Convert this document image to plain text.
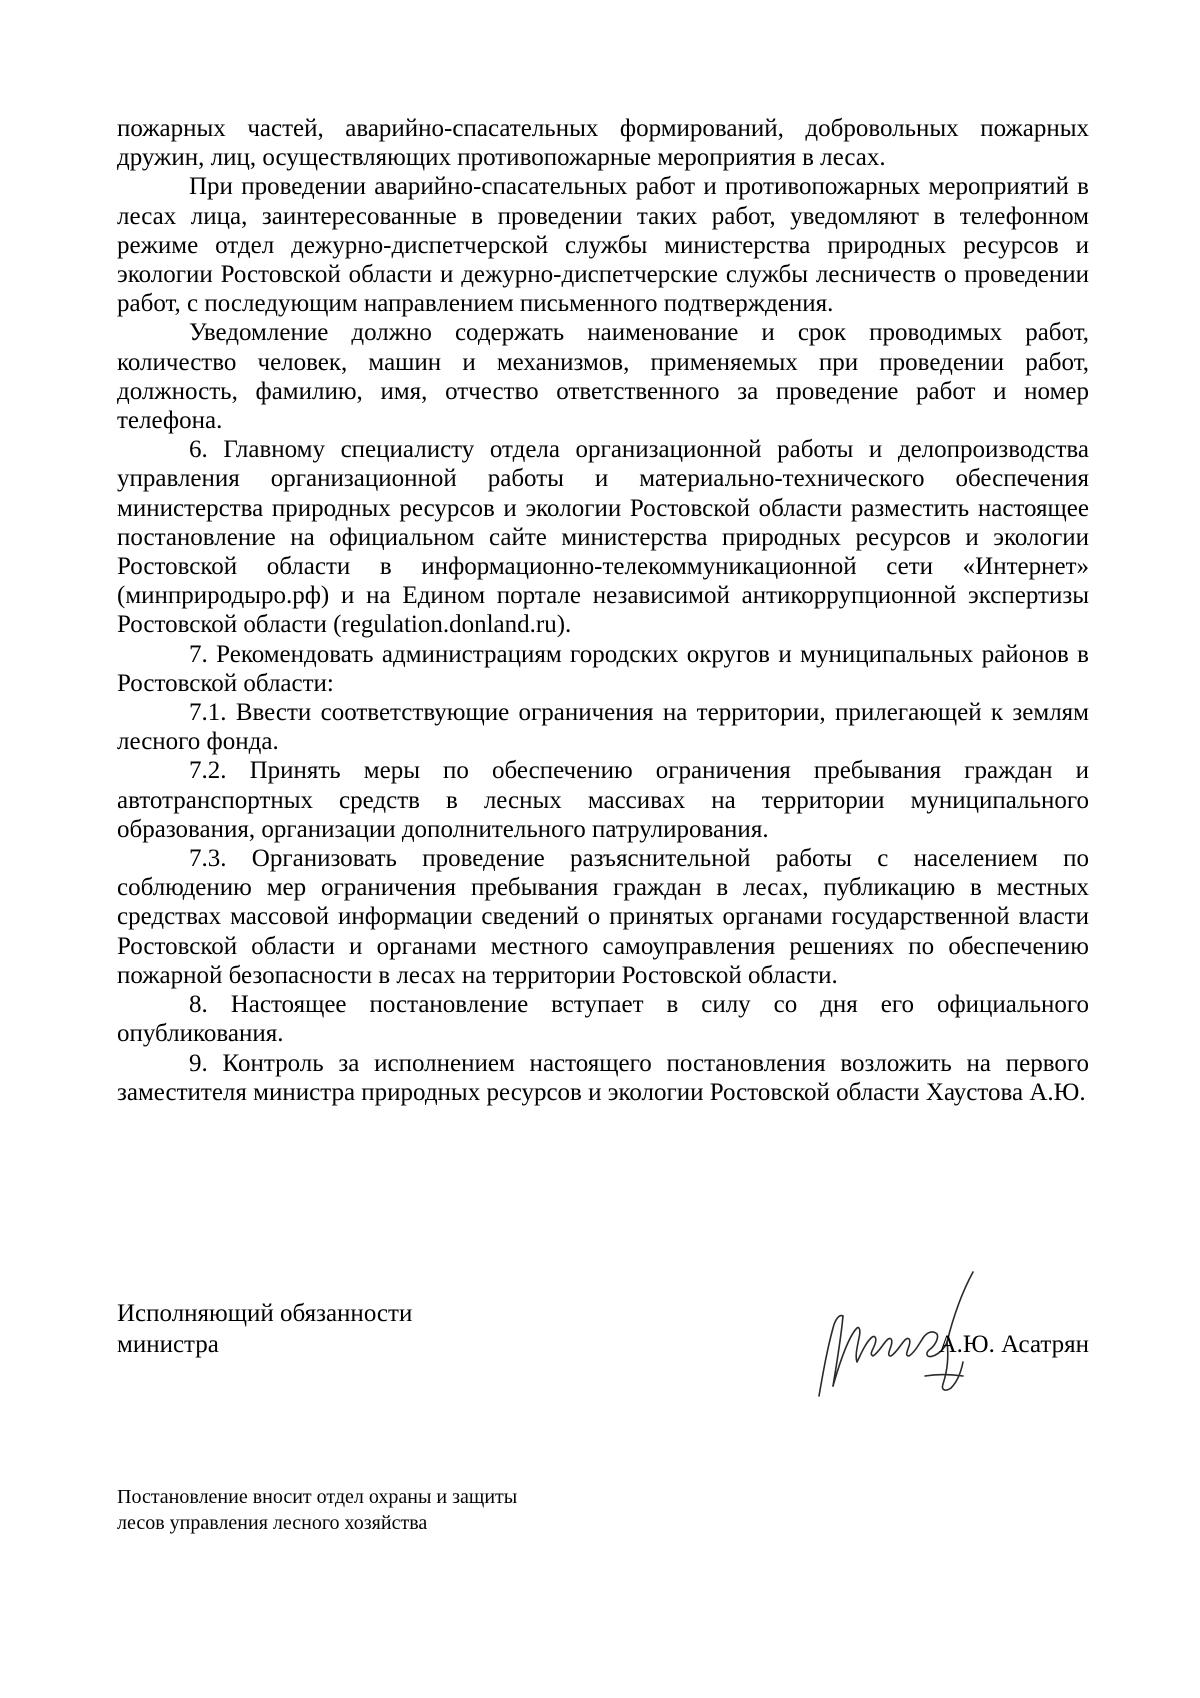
пожарных частей, аварийно-спасательных формирований, добровольных пожарных дружин, лиц, осуществляющих противопожарные мероприятия в лесах.

При проведении аварийно-спасательных работ и противопожарных мероприятий в лесах лица, заинтересованные в проведении таких работ, уведомляют в телефонном режиме отдел дежурно-диспетчерской службы министерства природных ресурсов и экологии Ростовской области и дежурно-диспетчерские службы лесничеств о проведении работ, с последующим направлением письменного подтверждения.

Уведомление должно содержать наименование и срок проводимых работ, количество человек, машин и механизмов, применяемых при проведении работ, должность, фамилию, имя, отчество ответственного за проведение работ и номер телефона.

6. Главному специалисту отдела организационной работы и делопроизводства управления организационной работы и материально-технического обеспечения министерства природных ресурсов и экологии Ростовской области разместить настоящее постановление на официальном сайте министерства природных ресурсов и экологии Ростовской области в информационно-телекоммуникационной сети «Интернет» (минприродыро.рф) и на Едином портале независимой антикоррупционной экспертизы Ростовской области (regulation.donland.ru).

7. Рекомендовать администрациям городских округов и муниципальных районов в Ростовской области:

7.1. Ввести соответствующие ограничения на территории, прилегающей к землям лесного фонда.

7.2. Принять меры по обеспечению ограничения пребывания граждан и автотранспортных средств в лесных массивах на территории муниципального образования, организации дополнительного патрулирования.

7.3. Организовать проведение разъяснительной работы с населением по соблюдению мер ограничения пребывания граждан в лесах, публикацию в местных средствах массовой информации сведений о принятых органами государственной власти Ростовской области и органами местного самоуправления решениях по обеспечению пожарной безопасности в лесах на территории Ростовской области.

8. Настоящее постановление вступает в силу со дня его официального опубликования.

9. Контроль за исполнением настоящего постановления возложить на первого заместителя министра природных ресурсов и экологии Ростовской области Хаустова А.Ю.

Исполняющий обязанности
министра	А.Ю. Асатрян
Постановление вносит отдел охраны и защиты
лесов управления лесного хозяйства
